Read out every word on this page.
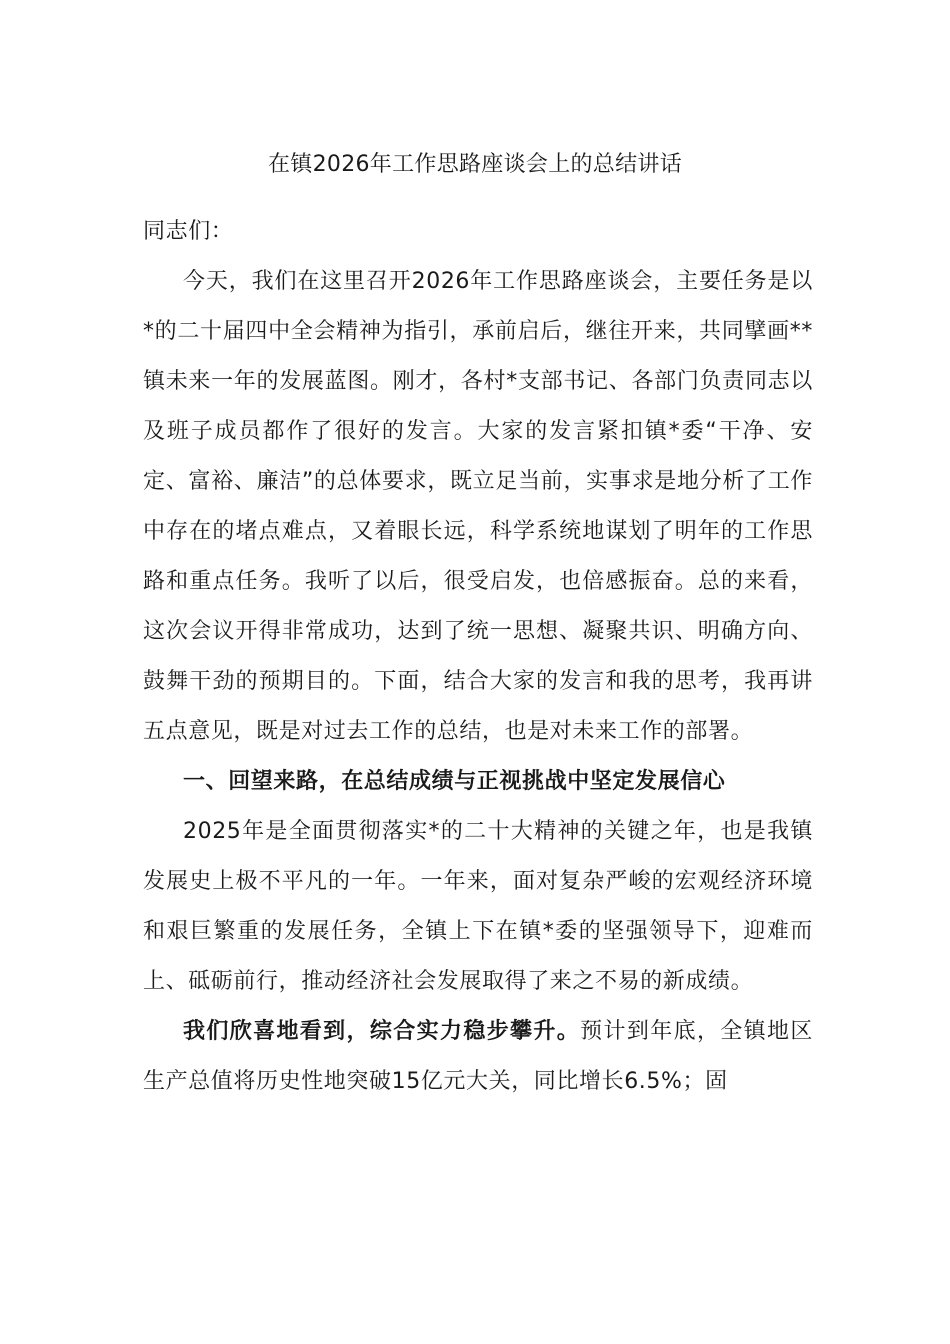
在镇2026年工作思路座谈会上的总结讲话

同志们：

今天，我们在这里召开2026年工作思路座谈会，主要任务是以*的二十届四中全会精神为指引，承前启后，继往开来，共同擘画**镇未来一年的发展蓝图。刚才，各村*支部书记、各部门负责同志以及班子成员都作了很好的发言。大家的发言紧扣镇*委“干净、安定、富裕、廉洁”的总体要求，既立足当前，实事求是地分析了工作中存在的堵点难点，又着眼长远，科学系统地谋划了明年的工作思路和重点任务。我听了以后，很受启发，也倍感振奋。总的来看，这次会议开得非常成功，达到了统一思想、凝聚共识、明确方向、鼓舞干劲的预期目的。下面，结合大家的发言和我的思考，我再讲五点意见，既是对过去工作的总结，也是对未来工作的部署。

一、回望来路，在总结成绩与正视挑战中坚定发展信心

2025年是全面贯彻落实*的二十大精神的关键之年，也是我镇发展史上极不平凡的一年。一年来，面对复杂严峻的宏观经济环境和艰巨繁重的发展任务，全镇上下在镇*委的坚强领导下，迎难而上、砥砺前行，推动经济社会发展取得了来之不易的新成绩。

我们欣喜地看到，综合实力稳步攀升。预计到年底，全镇地区生产总值将历史性地突破15亿元大关，同比增长6.5%；固
